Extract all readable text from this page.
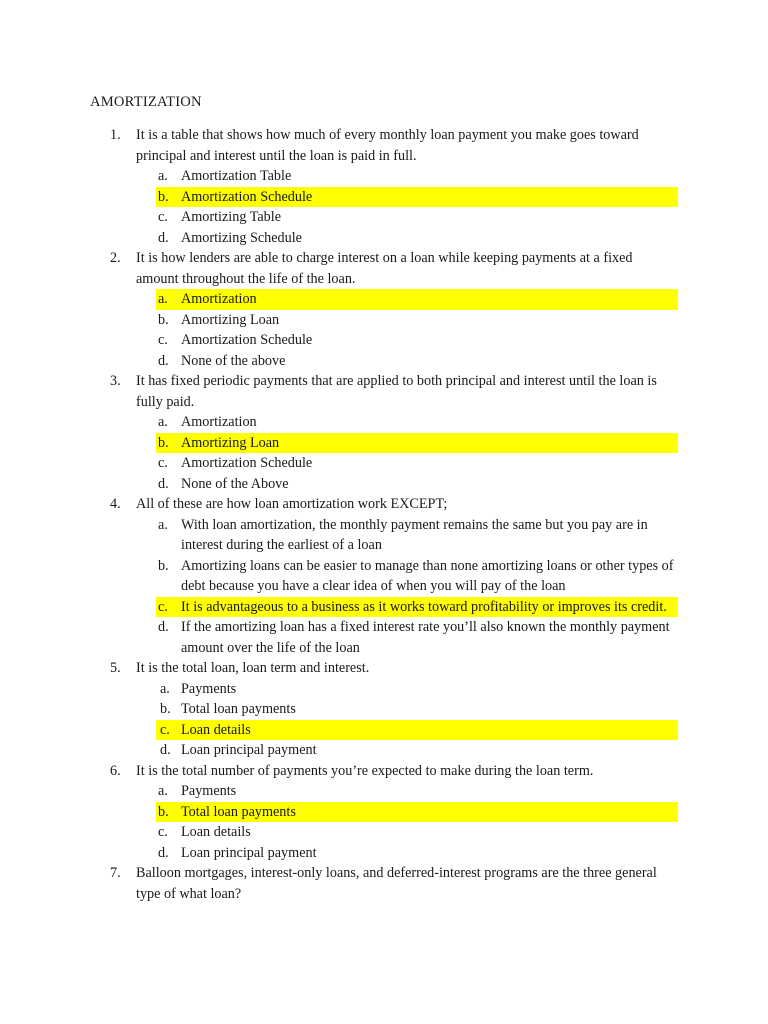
AMORTIZATION
1.	It is a table that shows how much of every monthly loan payment you make goes toward principal and interest until the loan is paid in full.
a. Amortization Table
b. Amortization Schedule
c. Amortizing Table
d. Amortizing Schedule
2.	It is how lenders are able to charge interest on a loan while keeping payments at a fixed amount throughout the life of the loan.
a. Amortization
b. Amortizing Loan
c. Amortization Schedule
d. None of the above
3.	It has fixed periodic payments that are applied to both principal and interest until the loan is fully paid.
a. Amortization
b. Amortizing Loan
c. Amortization Schedule
d. None of the Above
4.	All of these are how loan amortization work EXCEPT;
a. With loan amortization, the monthly payment remains the same but you pay are in interest during the earliest of a loan
b. Amortizing loans can be easier to manage than none amortizing loans or other types of debt because you have a clear idea of when you will pay of the loan
c. It is advantageous to a business as it works toward profitability or improves its credit.
d. If the amortizing loan has a fixed interest rate you’ll also known the monthly payment amount over the life of the loan
5.	It is the total loan, loan term and interest.
a. Payments
b. Total loan payments
c. Loan details
d. Loan principal payment
6.	It is the total number of payments you’re expected to make during the loan term.
a. Payments
b. Total loan payments
c. Loan details
d. Loan principal payment
7.	Balloon mortgages, interest-only loans, and deferred-interest programs are the three general type of what loan?
